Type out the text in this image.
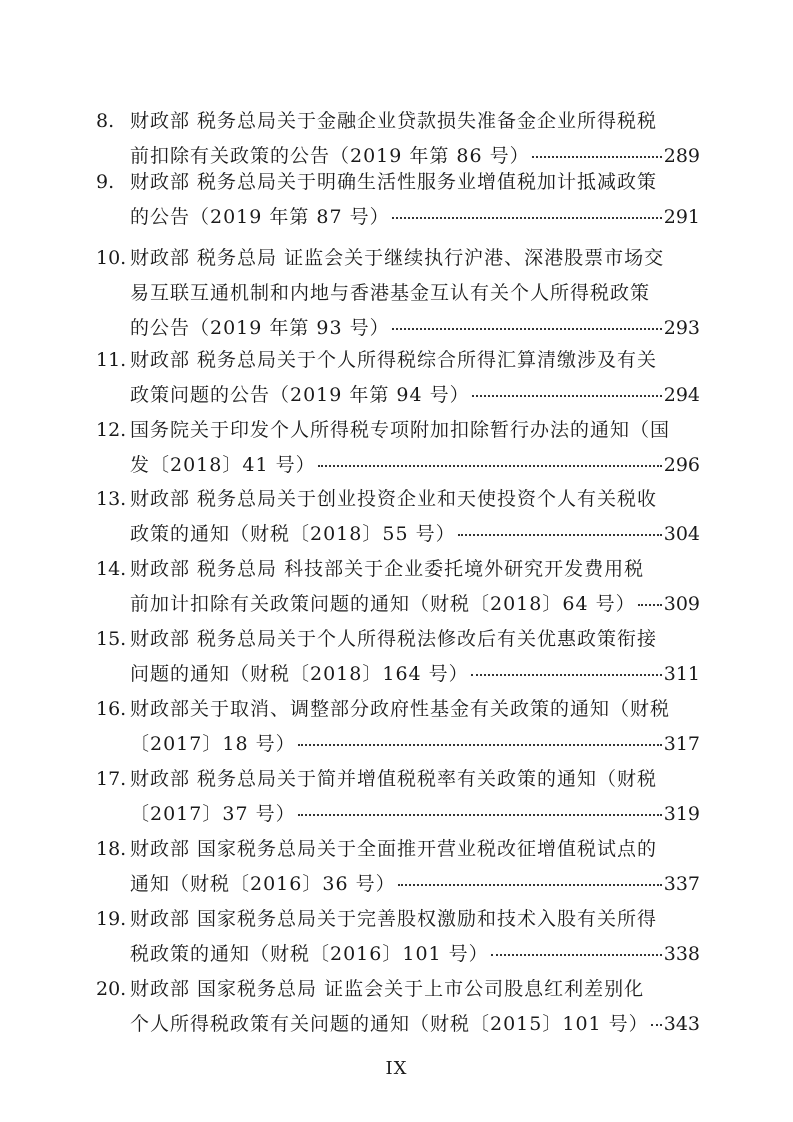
8. 财政部 税务总局关于金融企业贷款损失准备金企业所得税税
前扣除有关政策的公告（2019 年第 86 号）	289
9. 财政部 税务总局关于明确生活性服务业增值税加计抵减政策
的公告（2019 年第 87 号）	291
10. 财政部 税务总局 证监会关于继续执行沪港、深港股票市场交
易互联互通机制和内地与香港基金互认有关个人所得税政策
的公告（2019 年第 93 号）	293
11. 财政部 税务总局关于个人所得税综合所得汇算清缴涉及有关
政策问题的公告（2019 年第 94 号）	294
12. 国务院关于印发个人所得税专项附加扣除暂行办法的通知（国
发〔2018〕41 号）	296
13. 财政部 税务总局关于创业投资企业和天使投资个人有关税收
政策的通知（财税〔2018〕55 号）	304
14. 财政部 税务总局 科技部关于企业委托境外研究开发费用税
前加计扣除有关政策问题的通知（财税〔2018〕64 号） 309
15. 财政部 税务总局关于个人所得税法修改后有关优惠政策衔接
问题的通知（财税〔2018〕164 号）	311
16. 财政部关于取消、调整部分政府性基金有关政策的通知（财税
〔2017〕18 号）	317
17. 财政部 税务总局关于简并增值税税率有关政策的通知（财税
〔2017〕37 号）	319
18. 财政部 国家税务总局关于全面推开营业税改征增值税试点的
通知（财税〔2016〕36 号）	337
19. 财政部 国家税务总局关于完善股权激励和技术入股有关所得
税政策的通知（财税〔2016〕101 号）	338
20. 财政部 国家税务总局 证监会关于上市公司股息红利差别化
个人所得税政策有关问题的通知（财税〔2015〕101 号） 343
IX
